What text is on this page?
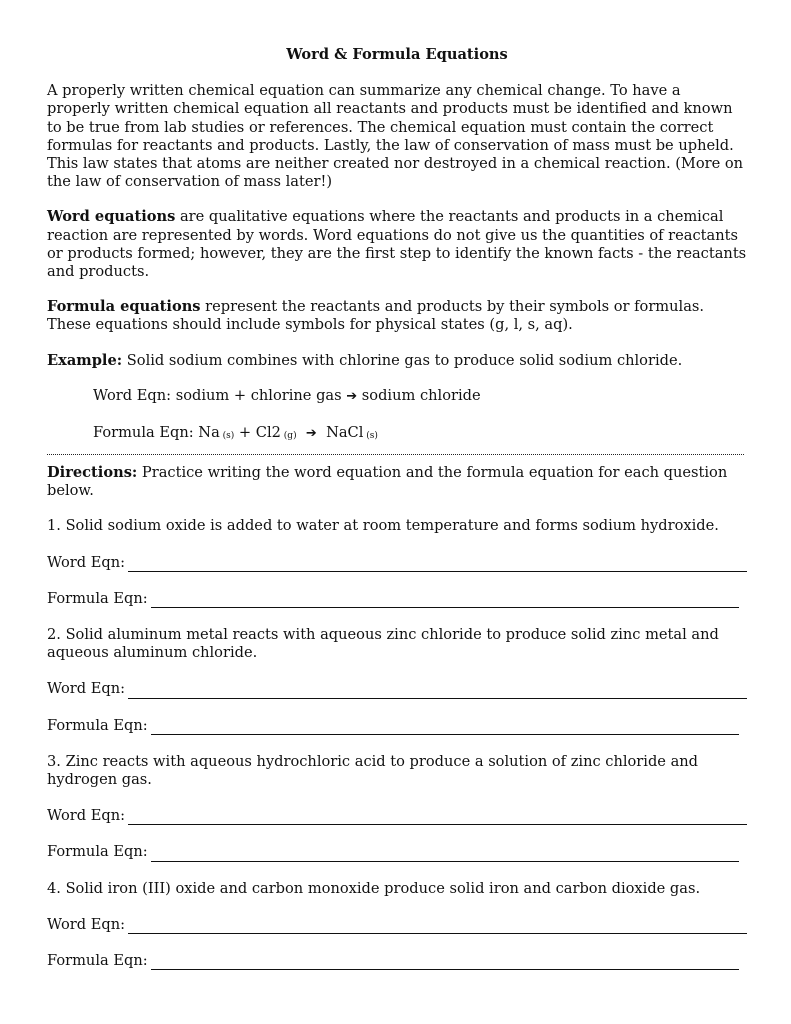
Word & Formula Equations

A properly written chemical equation can summarize any chemical change. To have a properly written chemical equation all reactants and products must be identified and known to be true from lab studies or references. The chemical equation must contain the correct formulas for reactants and products. Lastly, the law of conservation of mass must be upheld. This law states that atoms are neither created nor destroyed in a chemical reaction. (More on the law of conservation of mass later!)

Word equations are qualitative equations where the reactants and products in a chemical reaction are represented by words. Word equations do not give us the quantities of reactants or products formed; however, they are the first step to identify the known facts - the reactants and products.

Formula equations represent the reactants and products by their symbols or formulas. These equations should include symbols for physical states (g, l, s, aq).

Example: Solid sodium combines with chlorine gas to produce solid sodium chloride.

Word Eqn: sodium + chlorine gas ➔ sodium chloride
Formula Eqn: Na (s) + Cl2 (g) ➔ NaCl (s)

Directions: Practice writing the word equation and the formula equation for each question below.

1. Solid sodium oxide is added to water at room temperature and forms sodium hydroxide.
Word Eqn:
Formula Eqn:
2. Solid aluminum metal reacts with aqueous zinc chloride to produce solid zinc metal and aqueous aluminum chloride.
Word Eqn:
Formula Eqn:
3. Zinc reacts with aqueous hydrochloric acid to produce a solution of zinc chloride and hydrogen gas.
Word Eqn:
Formula Eqn:
4. Solid iron (III) oxide and carbon monoxide produce solid iron and carbon dioxide gas.
Word Eqn:
Formula Eqn:
